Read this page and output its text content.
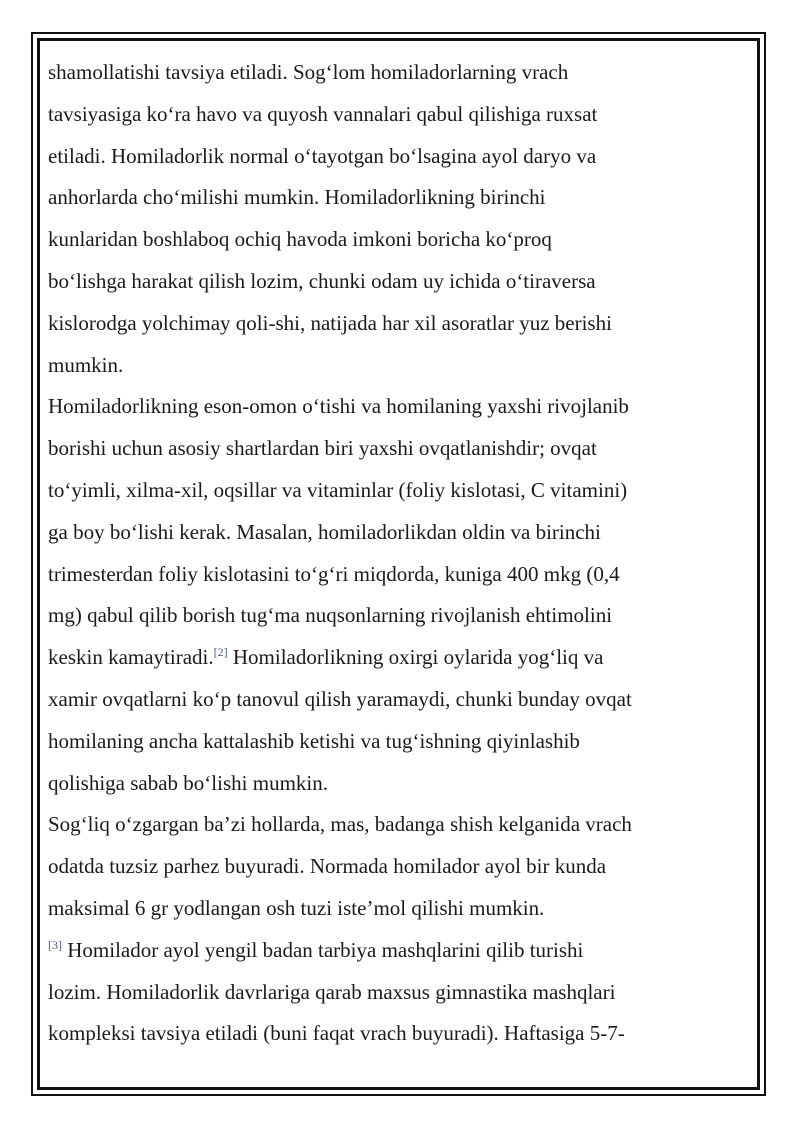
shamollatishi tavsiya etiladi. Sog‘lom homiladorlarning vrach
tavsiyasiga ko‘ra havo va quyosh vannalari qabul qilishiga ruxsat
etiladi. Homiladorlik normal o‘tayotgan bo‘lsagina ayol daryo va
anhorlarda cho‘milishi mumkin. Homiladorlikning birinchi
kunlaridan boshlaboq ochiq havoda imkoni boricha ko‘proq
bo‘lishga harakat qilish lozim, chunki odam uy ichida o‘tiraversa
kislorodga yolchimay qoli-shi, natijada har xil asoratlar yuz berishi
mumkin.

Homiladorlikning eson-omon o‘tishi va homilaning yaxshi rivojlanib
borishi uchun asosiy shartlardan biri yaxshi ovqatlanishdir; ovqat
to‘yimli, xilma-xil, oqsillar va vitaminlar (foliy kislotasi, C vitamini)
ga boy bo‘lishi kerak. Masalan, homiladorlikdan oldin va birinchi
trimesterdan foliy kislotasini to‘g‘ri miqdorda, kuniga 400 mkg (0,4
mg) qabul qilib borish tug‘ma nuqsonlarning rivojlanish ehtimolini
keskin kamaytiradi.[2] Homiladorlikning oxirgi oylarida yog‘liq va
xamir ovqatlarni ko‘p tanovul qilish yaramaydi, chunki bunday ovqat
homilaning ancha kattalashib ketishi va tug‘ishning qiyinlashib
qolishiga sabab bo‘lishi mumkin.

Sog‘liq o‘zgargan ba’zi hollarda, mas, badanga shish kelganida vrach
odatda tuzsiz parhez buyuradi. Normada homilador ayol bir kunda
maksimal 6 gr yodlangan osh tuzi iste’mol qilishi mumkin.

[3] Homilador ayol yengil badan tarbiya mashqlarini qilib turishi
lozim. Homiladorlik davrlariga qarab maxsus gimnastika mashqlari
kompleksi tavsiya etiladi (buni faqat vrach buyuradi). Haftasiga 5-7-
